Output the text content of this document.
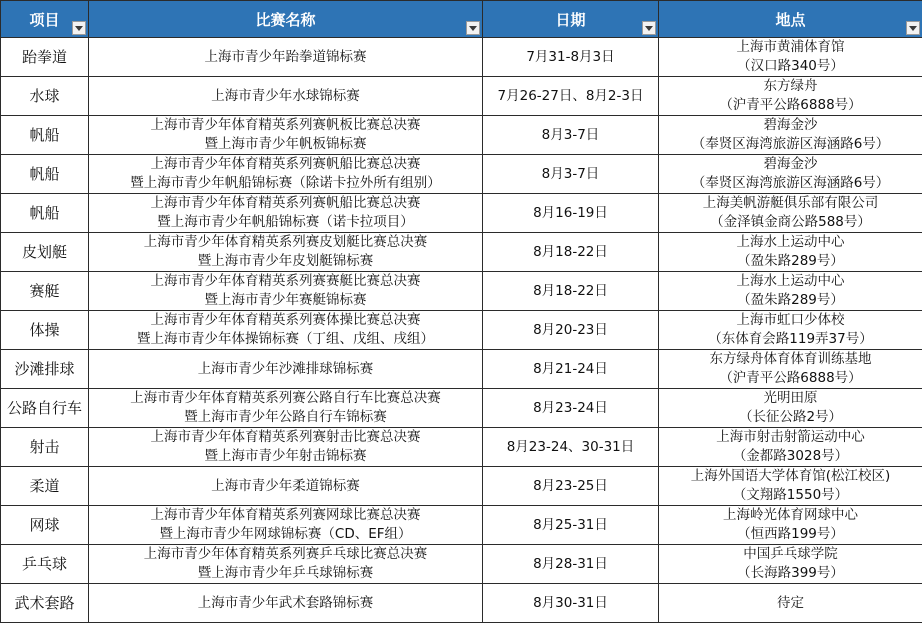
项目	比赛名称	日期	地点

跆拳道	上海市青少年跆拳道锦标赛	7月31-8月3日	上海市黄浦体育馆
（汉口路340号）
水球	上海市青少年水球锦标赛	7月26-27日、8月2-3日	东方绿舟
（沪青平公路6888号）
帆船	上海市青少年体育精英系列赛帆板比赛总决赛
暨上海市青少年帆板锦标赛	8月3-7日	碧海金沙
（奉贤区海湾旅游区海涵路6号）
帆船	上海市青少年体育精英系列赛帆船比赛总决赛
暨上海市青少年帆船锦标赛（除诺卡拉外所有组别）	8月3-7日	碧海金沙
（奉贤区海湾旅游区海涵路6号）
帆船	上海市青少年体育精英系列赛帆船比赛总决赛
暨上海市青少年帆船锦标赛（诺卡拉项目）	8月16-19日	上海美帆游艇俱乐部有限公司
（金泽镇金商公路588号）
皮划艇	上海市青少年体育精英系列赛皮划艇比赛总决赛
暨上海市青少年皮划艇锦标赛	8月18-22日	上海水上运动中心
（盈朱路289号）
赛艇	上海市青少年体育精英系列赛赛艇比赛总决赛
暨上海市青少年赛艇锦标赛	8月18-22日	上海水上运动中心
（盈朱路289号）
体操	上海市青少年体育精英系列赛体操比赛总决赛
暨上海市青少年体操锦标赛（丁组、戊组、戌组）	8月20-23日	上海市虹口少体校
（东体育会路119弄37号）
沙滩排球	上海市青少年沙滩排球锦标赛	8月21-24日	东方绿舟体育体育训练基地
（沪青平公路6888号）
公路自行车	上海市青少年体育精英系列赛公路自行车比赛总决赛
暨上海市青少年公路自行车锦标赛	8月23-24日	光明田原
（长征公路2号）
射击	上海市青少年体育精英系列赛射击比赛总决赛
暨上海市青少年射击锦标赛	8月23-24、30-31日	上海市射击射箭运动中心
（金都路3028号）
柔道	上海市青少年柔道锦标赛	8月23-25日	上海外国语大学体育馆(松江校区)
（文翔路1550号）
网球	上海市青少年体育精英系列赛网球比赛总决赛
暨上海市青少年网球锦标赛（CD、EF组）	8月25-31日	上海岭光体育网球中心
（恒西路199号）
乒乓球	上海市青少年体育精英系列赛乒乓球比赛总决赛
暨上海市青少年乒乓球锦标赛	8月28-31日	中国乒乓球学院
（长海路399号）
武术套路	上海市青少年武术套路锦标赛	8月30-31日	待定
